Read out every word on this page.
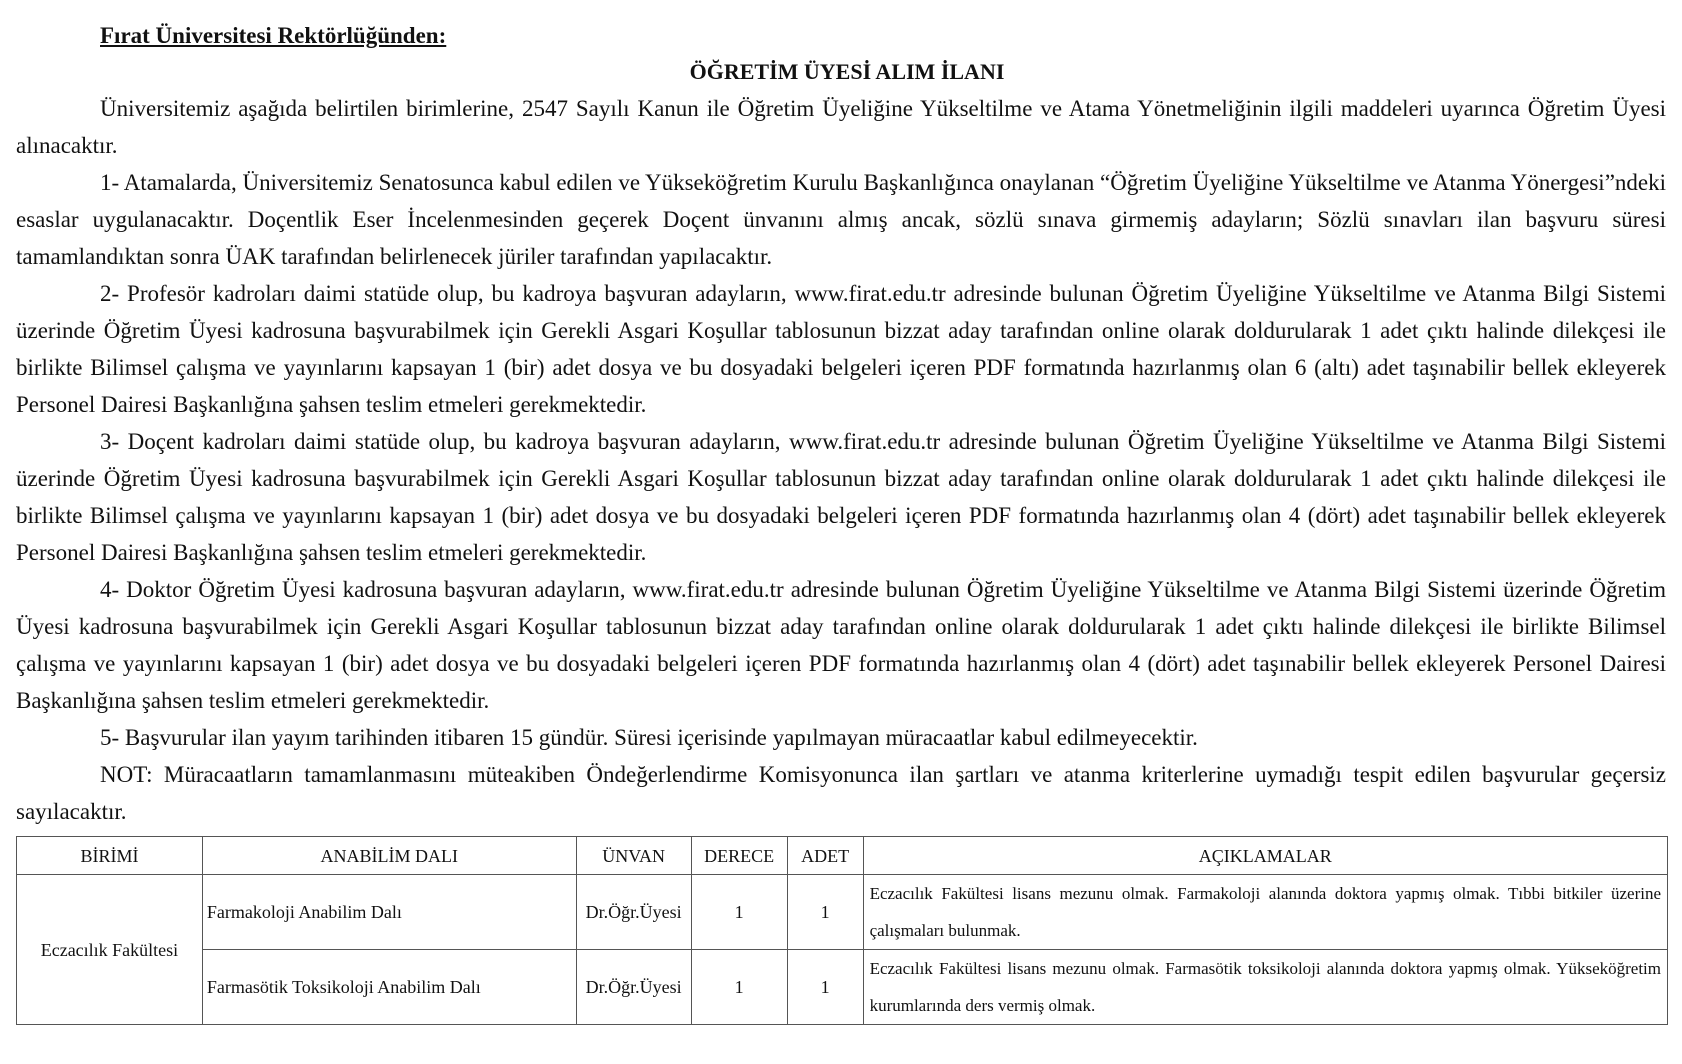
Fırat Üniversitesi Rektörlüğünden:

ÖĞRETİM ÜYESİ ALIM İLANI

Üniversitemiz aşağıda belirtilen birimlerine, 2547 Sayılı Kanun ile Öğretim Üyeliğine Yükseltilme ve Atama Yönetmeliğinin ilgili maddeleri uyarınca Öğretim Üyesi alınacaktır.

1- Atamalarda, Üniversitemiz Senatosunca kabul edilen ve Yükseköğretim Kurulu Başkanlığınca onaylanan “Öğretim Üyeliğine Yükseltilme ve Atanma Yönergesi”ndeki esaslar uygulanacaktır. Doçentlik Eser İncelenmesinden geçerek Doçent ünvanını almış ancak, sözlü sınava girmemiş adayların; Sözlü sınavları ilan başvuru süresi tamamlandıktan sonra ÜAK tarafından belirlenecek jüriler tarafından yapılacaktır.

2- Profesör kadroları daimi statüde olup, bu kadroya başvuran adayların, www.firat.edu.tr adresinde bulunan Öğretim Üyeliğine Yükseltilme ve Atanma Bilgi Sistemi üzerinde Öğretim Üyesi kadrosuna başvurabilmek için Gerekli Asgari Koşullar tablosunun bizzat aday tarafından online olarak doldurularak 1 adet çıktı halinde dilekçesi ile birlikte Bilimsel çalışma ve yayınlarını kapsayan 1 (bir) adet dosya ve bu dosyadaki belgeleri içeren PDF formatında hazırlanmış olan 6 (altı) adet taşınabilir bellek ekleyerek Personel Dairesi Başkanlığına şahsen teslim etmeleri gerekmektedir.

3- Doçent kadroları daimi statüde olup, bu kadroya başvuran adayların, www.firat.edu.tr adresinde bulunan Öğretim Üyeliğine Yükseltilme ve Atanma Bilgi Sistemi üzerinde Öğretim Üyesi kadrosuna başvurabilmek için Gerekli Asgari Koşullar tablosunun bizzat aday tarafından online olarak doldurularak 1 adet çıktı halinde dilekçesi ile birlikte Bilimsel çalışma ve yayınlarını kapsayan 1 (bir) adet dosya ve bu dosyadaki belgeleri içeren PDF formatında hazırlanmış olan 4 (dört) adet taşınabilir bellek ekleyerek Personel Dairesi Başkanlığına şahsen teslim etmeleri gerekmektedir.

4- Doktor Öğretim Üyesi kadrosuna başvuran adayların, www.firat.edu.tr adresinde bulunan Öğretim Üyeliğine Yükseltilme ve Atanma Bilgi Sistemi üzerinde Öğretim Üyesi kadrosuna başvurabilmek için Gerekli Asgari Koşullar tablosunun bizzat aday tarafından online olarak doldurularak 1 adet çıktı halinde dilekçesi ile birlikte Bilimsel çalışma ve yayınlarını kapsayan 1 (bir) adet dosya ve bu dosyadaki belgeleri içeren PDF formatında hazırlanmış olan 4 (dört) adet taşınabilir bellek ekleyerek Personel Dairesi Başkanlığına şahsen teslim etmeleri gerekmektedir.

5- Başvurular ilan yayım tarihinden itibaren 15 gündür. Süresi içerisinde yapılmayan müracaatlar kabul edilmeyecektir.

NOT: Müracaatların tamamlanmasını müteakiben Öndeğerlendirme Komisyonunca ilan şartları ve atanma kriterlerine uymadığı tespit edilen başvurular geçersiz sayılacaktır.

BİRİMİ	ANABİLİM DALI	ÜNVAN	DERECE	ADET	AÇIKLAMALAR
Eczacılık Fakültesi	Farmakoloji Anabilim Dalı	Dr.Öğr.Üyesi	1	1	Eczacılık Fakültesi lisans mezunu olmak. Farmakoloji alanında doktora yapmış olmak. Tıbbi bitkiler üzerine çalışmaları bulunmak.
	Farmasötik Toksikoloji Anabilim Dalı	Dr.Öğr.Üyesi	1	1	Eczacılık Fakültesi lisans mezunu olmak. Farmasötik toksikoloji alanında doktora yapmış olmak. Yükseköğretim kurumlarında ders vermiş olmak.
